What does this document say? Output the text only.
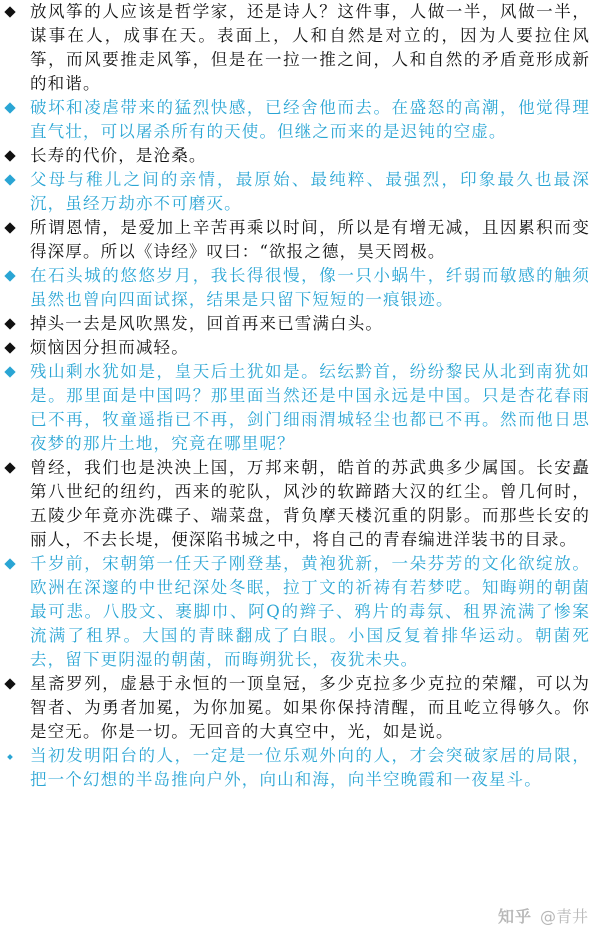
放风筝的人应该是哲学家，还是诗人？这件事，人做一半，风做一半，谋事在人，成事在天。表面上，人和自然是对立的，因为人要拉住风筝，而风要推走风筝，但是在一拉一推之间，人和自然的矛盾竟形成新的和谐。
破坏和凌虐带来的猛烈快感，已经舍他而去。在盛怒的高潮，他觉得理直气壮，可以屠杀所有的天使。但继之而来的是迟钝的空虚。
长寿的代价，是沧桑。
父母与稚儿之间的亲情，最原始、最纯粹、最强烈，印象最久也最深沉，虽经万劫亦不可磨灭。
所谓恩情，是爱加上辛苦再乘以时间，所以是有增无减，且因累积而变得深厚。所以《诗经》叹曰：“欲报之德，昊天罔极。
在石头城的悠悠岁月，我长得很慢，像一只小蜗牛，纤弱而敏感的触须虽然也曾向四面试探，结果是只留下短短的一痕银迹。
掉头一去是风吹黑发，回首再来已雪满白头。
烦恼因分担而减轻。
残山剩水犹如是，皇天后土犹如是。纭纭黔首，纷纷黎民从北到南犹如是。那里面是中国吗？那里面当然还是中国永远是中国。只是杏花春雨已不再，牧童遥指已不再，剑门细雨渭城轻尘也都已不再。然而他日思夜梦的那片土地，究竟在哪里呢？
曾经，我们也是泱泱上国，万邦来朝，皓首的苏武典多少属国。长安矗第八世纪的纽约，西来的驼队，风沙的软蹄踏大汉的红尘。曾几何时，五陵少年竟亦洗碟子、端菜盘，背负摩天楼沉重的阴影。而那些长安的丽人，不去长堤，便深陷书城之中，将自己的青春编进洋装书的目录。
千岁前，宋朝第一任天子刚登基，黄袍犹新，一朵芬芳的文化欲绽放。欧洲在深邃的中世纪深处冬眠，拉丁文的祈祷有若梦呓。知晦朔的朝菌最可悲。八股文、裹脚巾、阿Q的辫子、鸦片的毒氛、租界流满了惨案流满了租界。大国的青睐翻成了白眼。小国反复着排华运动。朝菌死去，留下更阴湿的朝菌，而晦朔犹长，夜犹未央。
星斋罗列，虚悬于永恒的一顶皇冠，多少克拉多少克拉的荣耀，可以为智者、为勇者加冕，为你加冕。如果你保持清醒，而且屹立得够久。你是空无。你是一切。无回音的大真空中，光，如是说。
当初发明阳台的人，一定是一位乐观外向的人，才会突破家居的局限，把一个幻想的半岛推向户外，向山和海，向半空晚霞和一夜星斗。
知乎 @青井
